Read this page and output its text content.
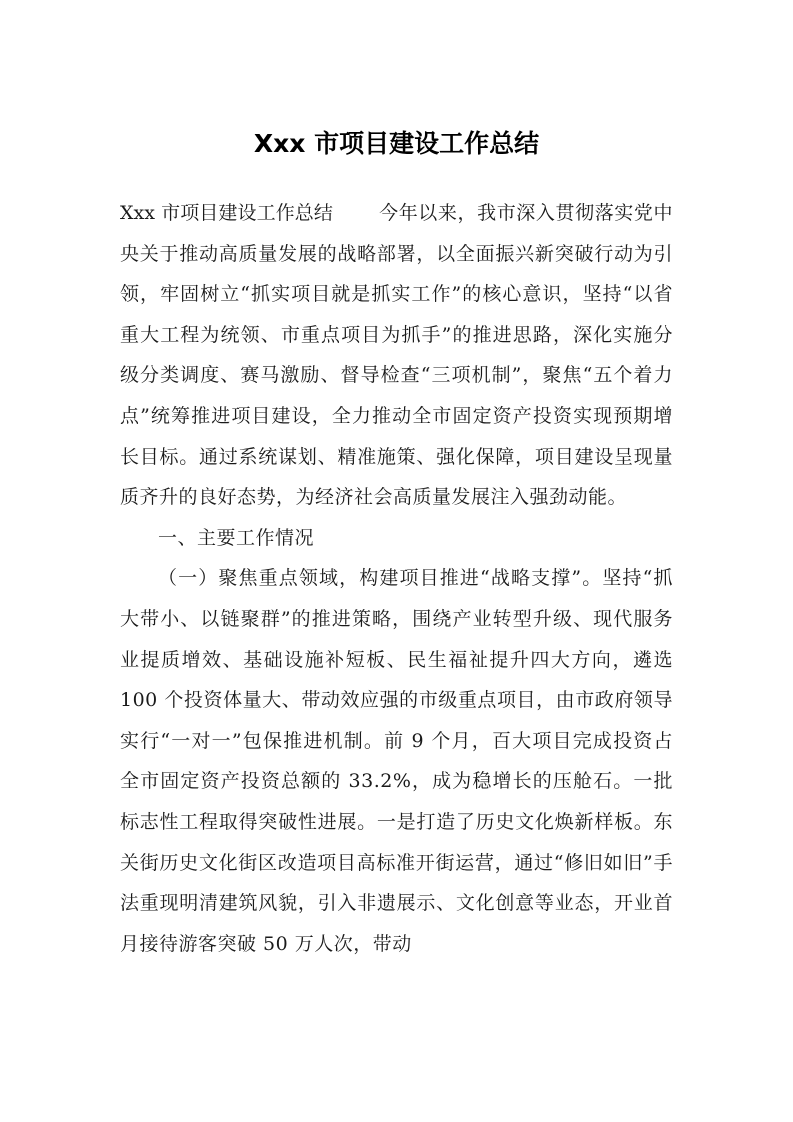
Xxx 市项目建设工作总结

Xxx 市项目建设工作总结 今年以来，我市深入贯彻落实党中央关于推动高质量发展的战略部署，以全面振兴新突破行动为引领，牢固树立“抓实项目就是抓实工作”的核心意识，坚持“以省重大工程为统领、市重点项目为抓手”的推进思路，深化实施分级分类调度、赛马激励、督导检查“三项机制”，聚焦“五个着力点”统筹推进项目建设，全力推动全市固定资产投资实现预期增长目标。通过系统谋划、精准施策、强化保障，项目建设呈现量质齐升的良好态势，为经济社会高质量发展注入强劲动能。

一、主要工作情况

（一）聚焦重点领域，构建项目推进“战略支撑”。坚持“抓大带小、以链聚群”的推进策略，围绕产业转型升级、现代服务业提质增效、基础设施补短板、民生福祉提升四大方向，遴选 100 个投资体量大、带动效应强的市级重点项目，由市政府领导实行“一对一”包保推进机制。前 9 个月，百大项目完成投资占全市固定资产投资总额的 33.2%，成为稳增长的压舱石。一批标志性工程取得突破性进展。一是打造了历史文化焕新样板。东关街历史文化街区改造项目高标准开街运营，通过“修旧如旧”手法重现明清建筑风貌，引入非遗展示、文化创意等业态，开业首月接待游客突破 50 万人次，带动
